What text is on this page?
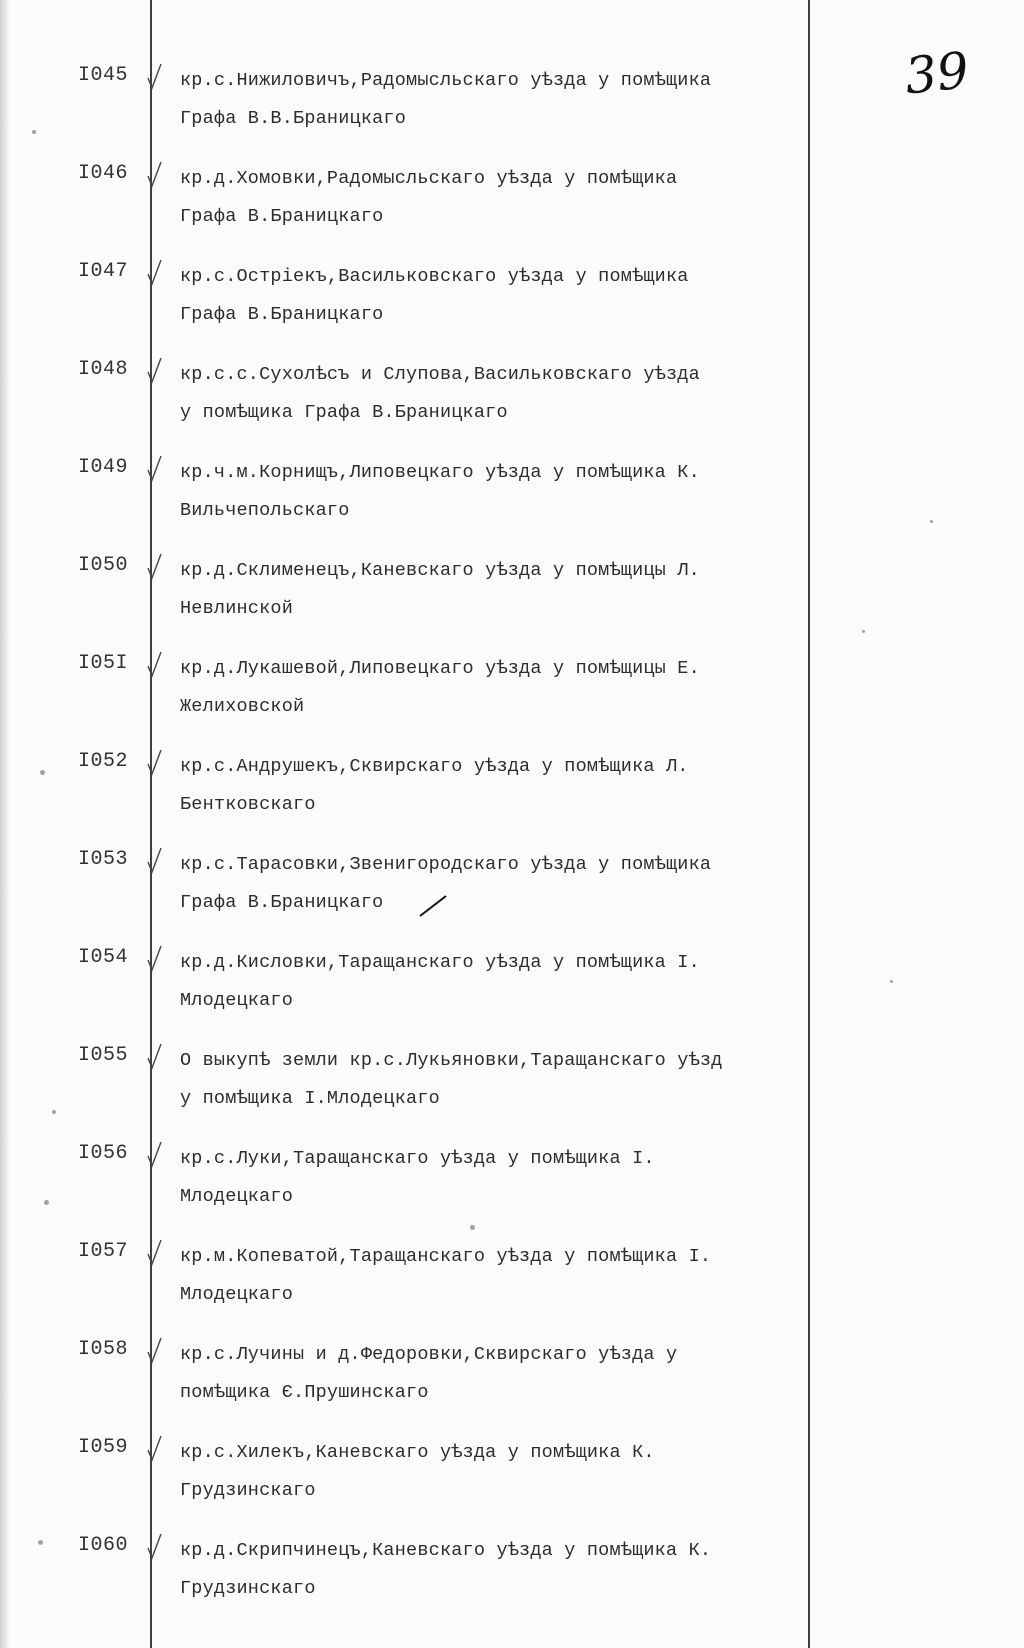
39
I045	кр.с.Нижиловичъ,Радомысльскаго уѣзда у помѣщика
Графа В.В.Браницкаго
I046	кр.д.Хомовки,Радомысльскаго уѣзда у помѣщика
Графа В.Браницкаго
I047	кр.с.Остріекъ,Васильковскаго уѣзда у помѣщика
Графа В.Браницкаго
I048	кр.с.с.Сухолѣсъ и Слупова,Васильковскаго уѣзда
у помѣщика Графа В.Браницкаго
I049	кр.ч.м.Корнищъ,Липовецкаго уѣзда у помѣщика К.
Вильчепольскаго
I050	кр.д.Склименецъ,Каневскаго уѣзда у помѣщицы Л.
Невлинской
I05I	кр.д.Лукашевой,Липовецкаго уѣзда у помѣщицы Е.
Желиховской
I052	кр.с.Андрушекъ,Сквирскаго уѣзда у помѣщика Л.
Бентковскаго
I053	кр.с.Тарасовки,Звенигородскаго уѣзда у помѣщика
Графа В.Браницкаго
I054	кр.д.Кисловки,Таращанскаго уѣзда у помѣщика I.
Млодецкаго
I055	О выкупѣ земли кр.с.Лукьяновки,Таращанскаго уѣзд
у помѣщика I.Млодецкаго
I056	кр.с.Луки,Таращанскаго уѣзда у помѣщика I.
Млодецкаго
I057	кр.м.Копеватой,Таращанскаго уѣзда у помѣщика I.
Млодецкаго
I058	кр.с.Лучины и д.Федоровки,Сквирскаго уѣзда у
помѣщика Є.Прушинскаго
I059	кр.с.Хилекъ,Каневскаго уѣзда у помѣщика К.
Грудзинскаго
I060	кр.д.Скрипчинецъ,Каневскаго уѣзда у помѣщика К.
Грудзинскаго
